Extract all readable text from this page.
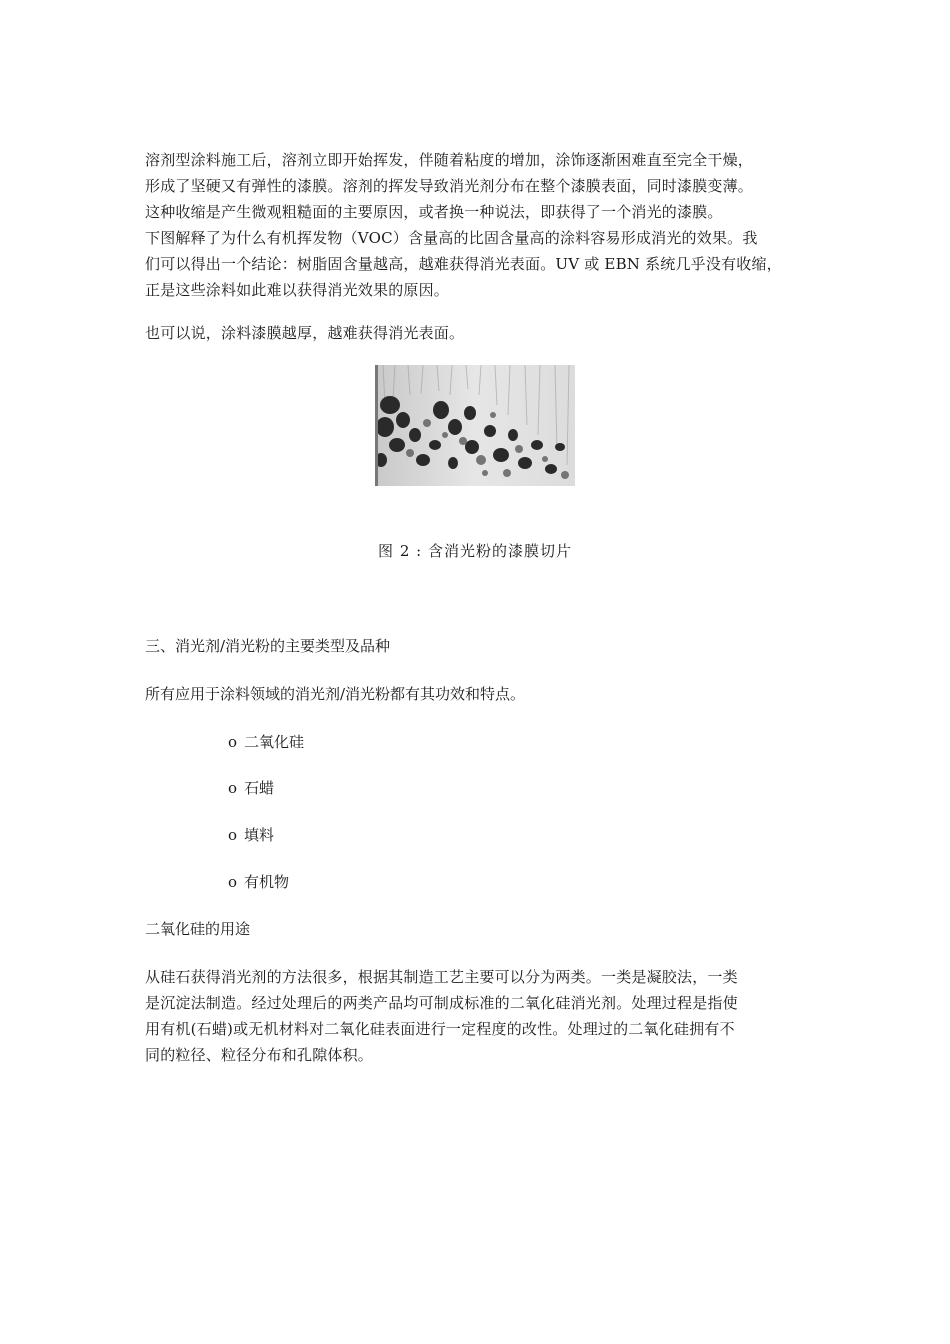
溶剂型涂料施工后，溶剂立即开始挥发，伴随着粘度的增加，涂饰逐渐困难直至完全干燥，
形成了坚硬又有弹性的漆膜。溶剂的挥发导致消光剂分布在整个漆膜表面，同时漆膜变薄。
这种收缩是产生微观粗糙面的主要原因，或者换一种说法，即获得了一个消光的漆膜。

下图解释了为什么有机挥发物（VOC）含量高的比固含量高的涂料容易形成消光的效果。我
们可以得出一个结论：树脂固含量越高，越难获得消光表面。UV 或 EBN 系统几乎没有收缩，
正是这些涂料如此难以获得消光效果的原因。

也可以说，涂料漆膜越厚，越难获得消光表面。

图 2 : 含消光粉的漆膜切片
三、消光剂/消光粉的主要类型及品种
所有应用于涂料领域的消光剂/消光粉都有其功效和特点。
o 二氧化硅
o 石蜡
o 填料
o 有机物
二氧化硅的用途

从硅石获得消光剂的方法很多，根据其制造工艺主要可以分为两类。一类是凝胶法，一类
是沉淀法制造。经过处理后的两类产品均可制成标准的二氧化硅消光剂。处理过程是指使
用有机(石蜡)或无机材料对二氧化硅表面进行一定程度的改性。处理过的二氧化硅拥有不
同的粒径、粒径分布和孔隙体积。
